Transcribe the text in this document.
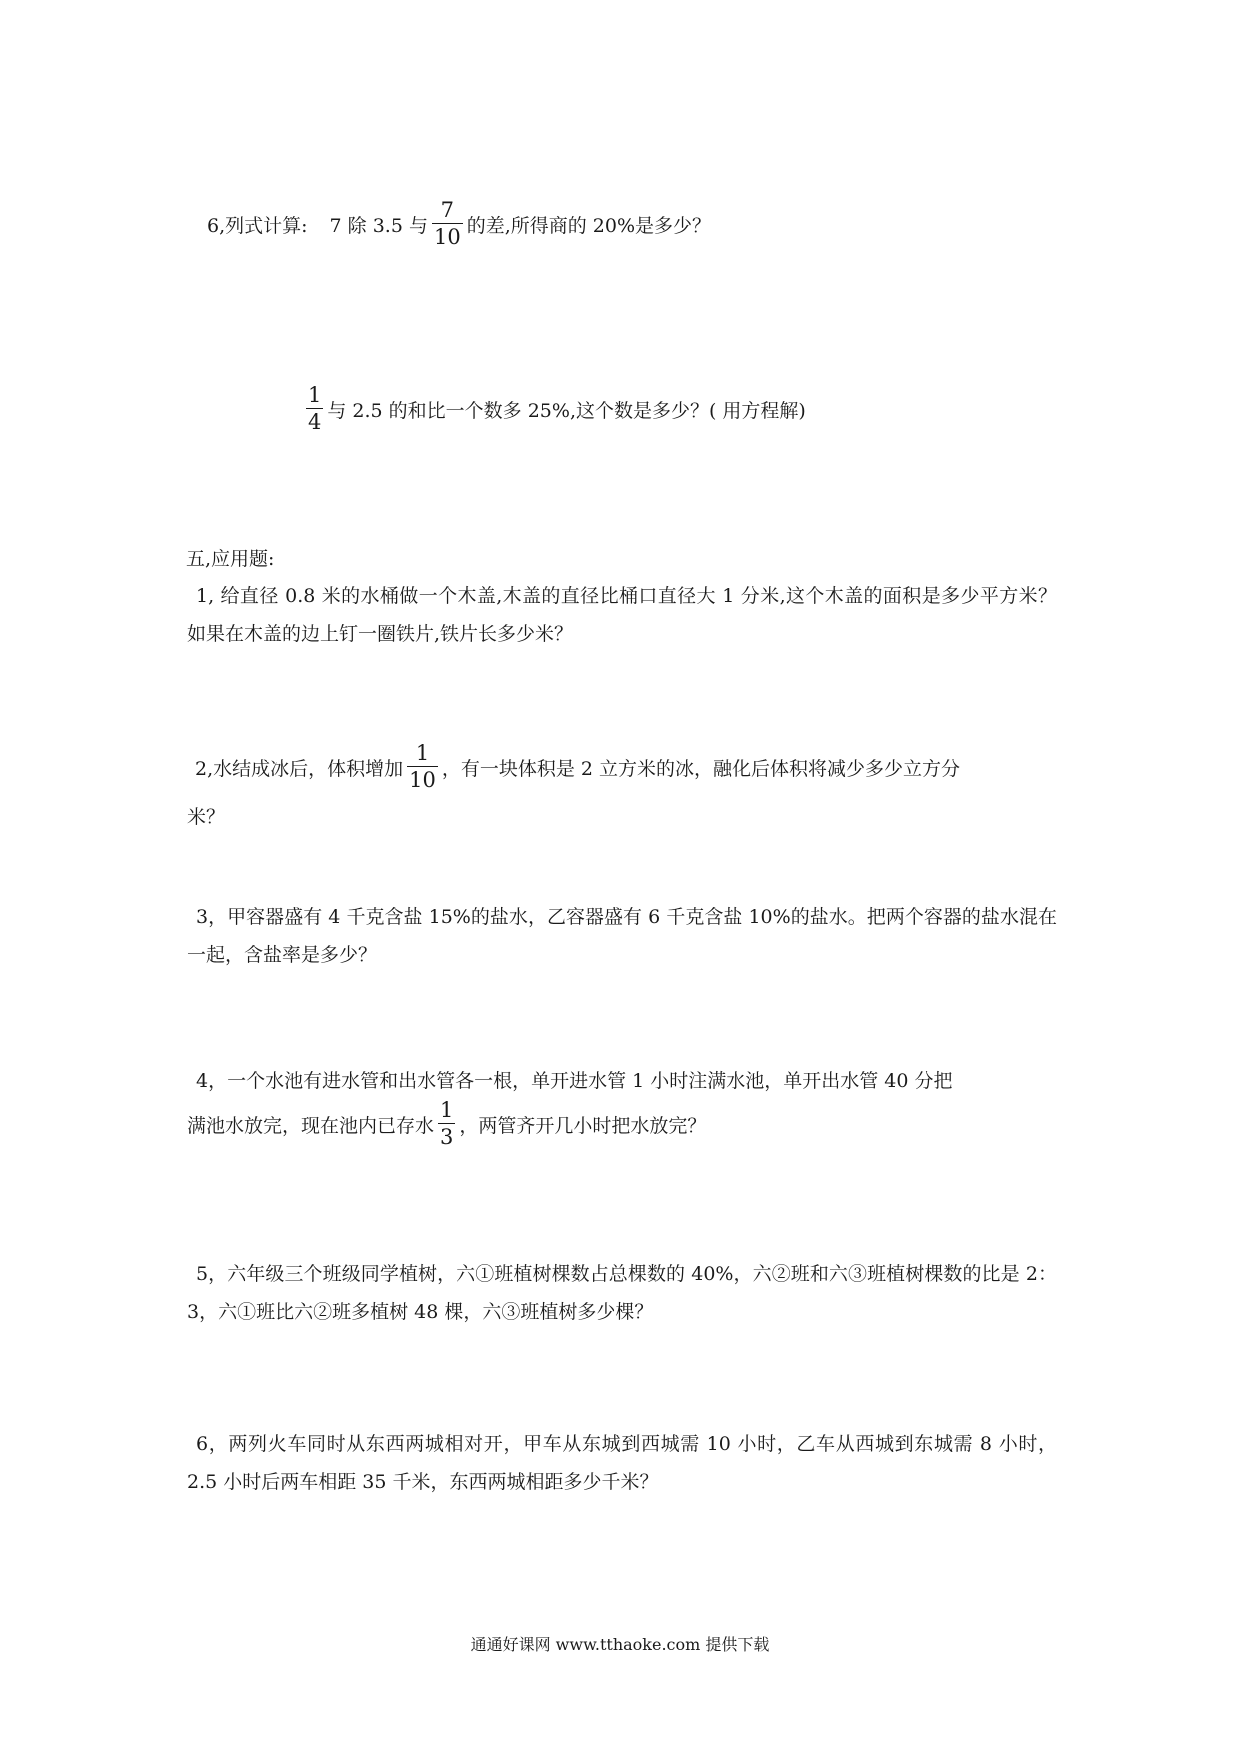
6,列式计算: 7 除 3.5 与 $\frac{7}{10}$ 的差,所得商的 20%是多少？
$\frac{1}{4}$ 与 2.5 的和比一个数多 25%,这个数是多少？( 用方程解)
五,应用题:
1, 给直径 0.8 米的水桶做一个木盖,木盖的直径比桶口直径大 1 分米,这个木盖的面积是多少平方米？如果在木盖的边上钉一圈铁片,铁片长多少米？
2,水结成冰后，体积增加 $\frac{1}{10}$ ，有一块体积是 2 立方米的冰，融化后体积将减少多少立方分
米？
3，甲容器盛有 4 千克含盐 15%的盐水，乙容器盛有 6 千克含盐 10%的盐水。把两个容器的盐水混在一起，含盐率是多少？
4，一个水池有进水管和出水管各一根，单开进水管 1 小时注满水池，单开出水管 40 分把
满池水放完，现在池内已存水 $\frac{1}{3}$ ，两管齐开几小时把水放完？
5，六年级三个班级同学植树，六①班植树棵数占总棵数的 40%，六②班和六③班植树棵数的比是 2：3，六①班比六②班多植树 48 棵，六③班植树多少棵？
6，两列火车同时从东西两城相对开，甲车从东城到西城需 10 小时，乙车从西城到东城需 8 小时，2.5 小时后两车相距 35 千米，东西两城相距多少千米？
通通好课网 www.tthaoke.com 提供下载
